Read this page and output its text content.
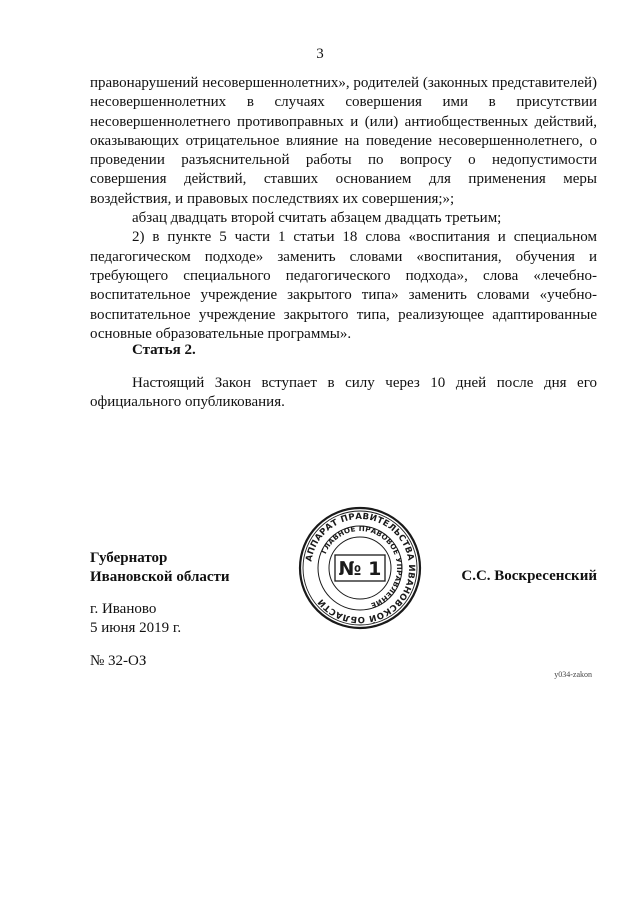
3

правонарушений несовершеннолетних», родителей (законных представителей) несовершеннолетних в случаях совершения ими в присутствии несовершеннолетнего противоправных и (или) антиобщественных действий, оказывающих отрицательное влияние на поведение несовершеннолетнего, о проведении разъяснительной работы по вопросу о недопустимости совершения действий, ставших основанием для применения меры воздействия, и правовых последствиях их совершения;»;

абзац двадцать второй считать абзацем двадцать третьим;

2) в пункте 5 части 1 статьи 18 слова «воспитания и специальном педагогическом подходе» заменить словами «воспитания, обучения и требующего специального педагогического подхода», слова «лечебно-воспитательное учреждение закрытого типа» заменить словами «учебно-воспитательное учреждение закрытого типа, реализующее адаптированные основные образовательные программы».

Статья 2.

Настоящий Закон вступает в силу через 10 дней после дня его официального опубликования.

Губернатор
Ивановской области
АППАРАТ ПРАВИТЕЛЬСТВА ИВАНОВСКОЙ ОБЛАСТИ
ГЛАВНОЕ ПРАВОВОЕ УПРАВЛЕНИЕ
№ 1	С.С. Воскресенский
г. Иваново
5 июня 2019 г.
№ 32-ОЗ
у034-zakon
